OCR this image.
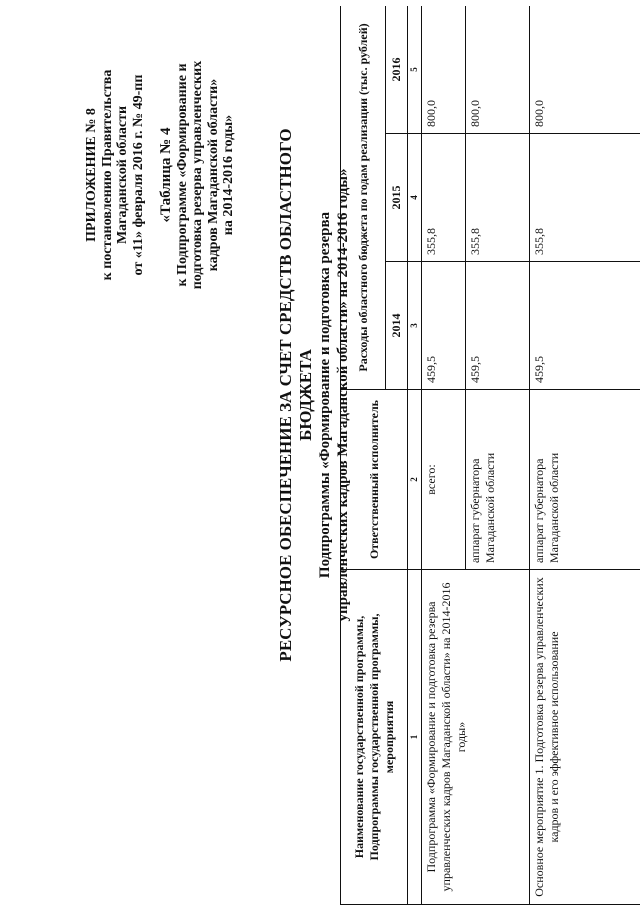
ПРИЛОЖЕНИЕ № 8 к постановлению Правительства Магаданской области от «11» февраля 2016 г. № 49-пп «Таблица № 4 к Подпрограмме «Формирование и подготовка резерва управленческих кадров Магаданской области» на 2014-2016 годы» РЕСУРСНОЕ ОБЕСПЕЧЕНИЕ ЗА СЧЕТ СРЕДСТВ ОБЛАСТНОГО БЮДЖЕТА Подпрограммы «Формирование и подготовка резерва управленческих кадров Магаданской области» на 2014-2016 годы»
Наименование государственной программы, Подпрограммы государственной программы, мероприятия	Ответственный исполнитель	Расходы областного бюджета по годам реализации (тыс. рублей)		
		2014	2015	2016
1	2	3	4	5
Подпрограмма «Формирование и подготовка резерва управленческих кадров Магаданской области» на 2014-2016 годы»	всего:	459,5	355,8	800,0
	аппарат губернатора Магаданской области	459,5	355,8	800,0
Основное мероприятие 1. Подготовка резерва управленческих кадров и его эффективное использование	аппарат губернатора Магаданской области	459,5	355,8	800,0
